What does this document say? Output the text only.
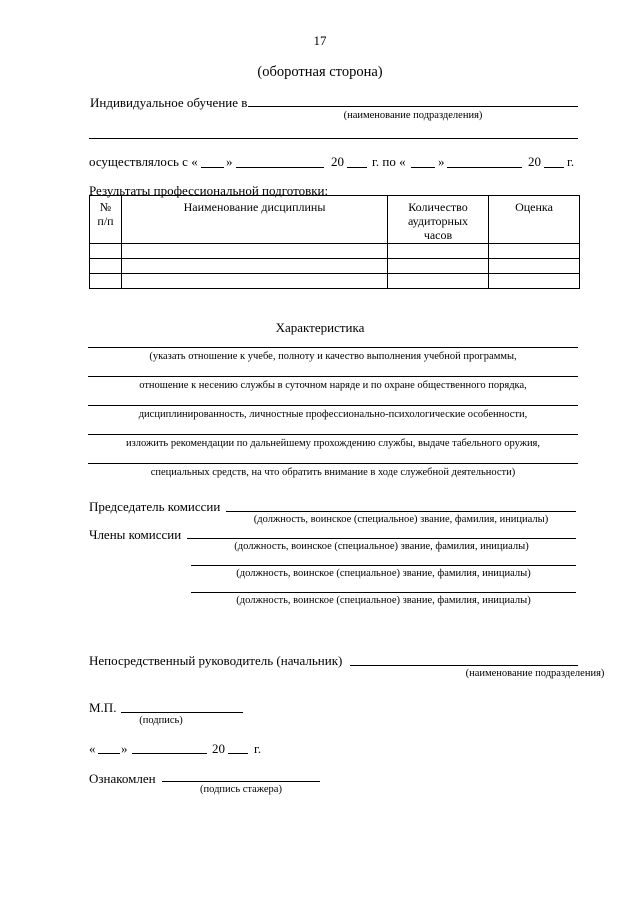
17
(оборотная сторона)
Индивидуальное обучение в
(наименование подразделения)
осуществлялось с « »	20 г. по « »	20 г.
Результаты профессиональной подготовки:
№ п/п	Наименование дисциплины	Количество аудиторных часов	Оценка

Характеристика
(указать отношение к учебе, полноту и качество выполнения учебной программы,
отношение к несению службы в суточном наряде и по охране общественного порядка,
дисциплинированность, личностные профессионально-психологические особенности,
изложить рекомендации по дальнейшему прохождению службы, выдаче табельного оружия,
специальных средств, на что обратить внимание в ходе служебной деятельности)
Председатель комиссии
(должность, воинское (специальное) звание, фамилия, инициалы)
Члены комиссии
(должность, воинское (специальное) звание, фамилия, инициалы)
(должность, воинское (специальное) звание, фамилия, инициалы)
(должность, воинское (специальное) звание, фамилия, инициалы)
Непосредственный руководитель (начальник)
(наименование подразделения)
М.П.
(подпись)
« »	20 г.
Ознакомлен
(подпись стажера)
